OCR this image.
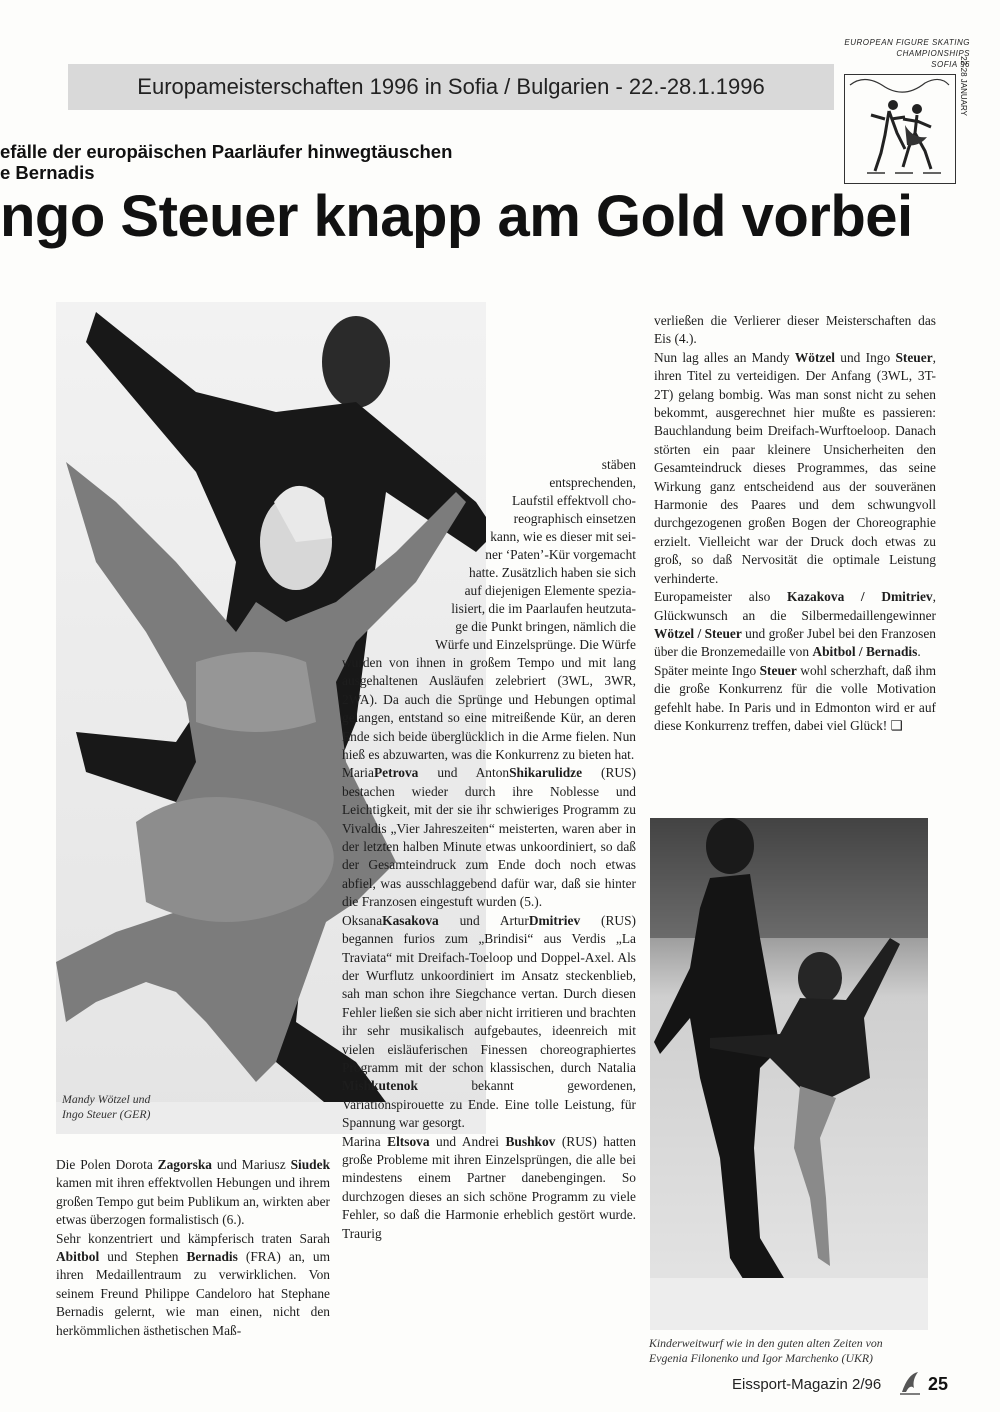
Europameisterschaften 1996 in Sofia / Bulgarien - 22.-28.1.1996
EUROPEAN FIGURE SKATING
CHAMPIONSHIPS
SOFIA 96
22-28 JANUARY
efälle der europäischen Paarläufer hinwegtäuschen
e Bernadis
ngo Steuer knapp am Gold vorbei
Mandy Wötzel und
Ingo Steuer (GER)

Die Polen Dorota Zagorska und Mariusz Siudek kamen mit ihren effektvollen Hebungen und ihrem großen Tempo gut beim Publikum an, wirkten aber etwas überzogen formalistisch (6.).

Sehr konzentriert und kämpferisch traten Sarah Abitbol und Stephen Bernadis (FRA) an, um ihren Medaillentraum zu verwirklichen. Von seinem Freund Philippe Candeloro hat Stephane Bernadis gelernt, wie man einen, nicht den herkömmlichen ästhetischen Maß-

stäben
entsprechenden,
Laufstil effektvoll cho-
reographisch einsetzen
kann, wie es dieser mit sei-
ner ‘Paten’-Kür vorgemacht
hatte. Zusätzlich haben sie sich
auf diejenigen Elemente spezia-
lisiert, die im Paarlaufen heutzuta-
ge die Punkt bringen, nämlich die
Würfe und Einzelsprünge. Die Würfe

wurden von ihnen in großem Tempo und mit lang ausgehaltenen Ausläufen zelebriert (3WL, 3WR, 2WA). Da auch die Sprünge und Hebungen optimal gelangen, entstand so eine mitreißende Kür, an deren Ende sich beide überglücklich in die Arme fielen. Nun hieß es abzuwarten, was die Konkurrenz zu bieten hat.

MariaPetrova und AntonShikarulidze (RUS) bestachen wieder durch ihre Noblesse und Leichtigkeit, mit der sie ihr schwieriges Programm zu Vivaldis „Vier Jahreszeiten“ meisterten, waren aber in der letzten halben Minute etwas unkoordiniert, so daß der Gesamteindruck zum Ende doch noch etwas abfiel, was ausschlaggebend dafür war, daß sie hinter die Franzosen eingestuft wurden (5.).

OksanaKasakova und ArturDmitriev (RUS) begannen furios zum „Brindisi“ aus Verdis „La Traviata“ mit Dreifach-Toeloop und Doppel-Axel. Als der Wurflutz unkoordiniert im Ansatz steckenblieb, sah man schon ihre Siegchance vertan. Durch diesen Fehler ließen sie sich aber nicht irritieren und brachten ihr sehr musikalisch aufgebautes, ideenreich mit vielen eisläuferischen Finessen choreographiertes Programm mit der schon klassischen, durch Natalia Mishkutenok bekannt gewordenen, Variationspirouette zu Ende. Eine tolle Leistung, für Spannung war gesorgt.

Marina Eltsova und Andrei Bushkov (RUS) hatten große Probleme mit ihren Einzelsprüngen, die alle bei mindestens einem Partner danebengingen. So durchzogen dieses an sich schöne Programm zu viele Fehler, so daß die Harmonie erheblich gestört wurde. Traurig

verließen die Verlierer dieser Meisterschaften das Eis (4.).

Nun lag alles an Mandy Wötzel und Ingo Steuer, ihren Titel zu verteidigen. Der Anfang (3WL, 3T-2T) gelang bombig. Was man sonst nicht zu sehen bekommt, ausgerechnet hier mußte es passieren: Bauchlandung beim Dreifach-Wurftoeloop. Danach störten ein paar kleinere Unsicherheiten den Gesamteindruck dieses Programmes, das seine Wirkung ganz entscheidend aus der souveränen Harmonie des Paares und dem schwungvoll durchgezogenen großen Bogen der Choreographie erzielt. Vielleicht war der Druck doch etwas zu groß, so daß Nervosität die optimale Leistung verhinderte.

Europameister also Kazakova / Dmitriev, Glückwunsch an die Silbermedaillengewinner Wötzel / Steuer und großer Jubel bei den Franzosen über die Bronzemedaille von Abitbol / Bernadis.

Später meinte Ingo Steuer wohl scherzhaft, daß ihm die große Konkurrenz für die volle Motivation gefehlt habe. In Paris und in Edmonton wird er auf diese Konkurrenz treffen, dabei viel Glück! ❑

Kinderweitwurf wie in den guten alten Zeiten von
Evgenia Filonenko und Igor Marchenko (UKR)
Eissport-Magazin 2/96	25
